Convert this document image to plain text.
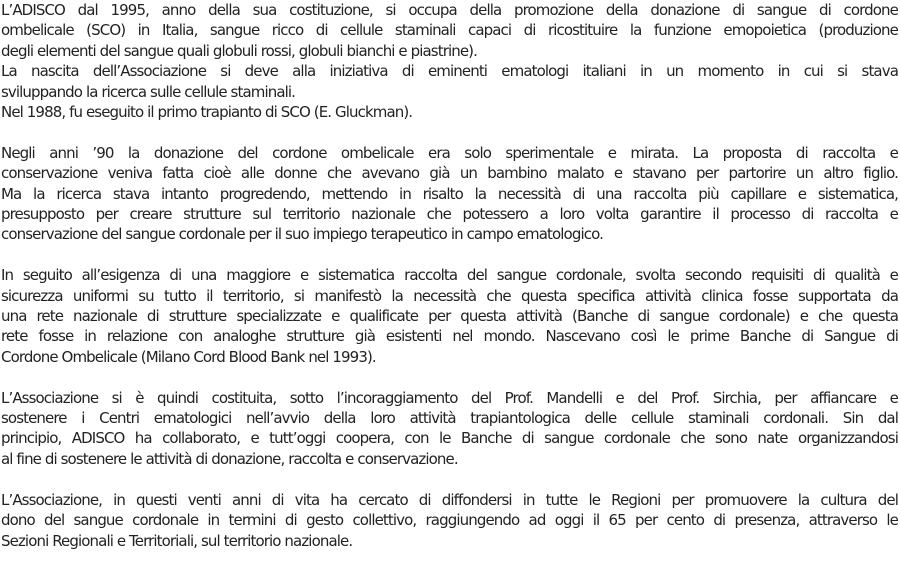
L’ADISCO dal 1995, anno della sua costituzione, si occupa della promozione della donazione di sangue di cordone
ombelicale (SCO) in Italia, sangue ricco di cellule staminali capaci di ricostituire la funzione emopoietica (produzione
degli elementi del sangue quali globuli rossi, globuli bianchi e piastrine).
La nascita dell’Associazione si deve alla iniziativa di eminenti ematologi italiani in un momento in cui si stava
sviluppando la ricerca sulle cellule staminali.
Nel 1988, fu eseguito il primo trapianto di SCO (E. Gluckman).

Negli anni ’90 la donazione del cordone ombelicale era solo sperimentale e mirata. La proposta di raccolta e
conservazione veniva fatta cioè alle donne che avevano già un bambino malato e stavano per partorire un altro figlio.
Ma la ricerca stava intanto progredendo, mettendo in risalto la necessità di una raccolta più capillare e sistematica,
presupposto per creare strutture sul territorio nazionale che potessero a loro volta garantire il processo di raccolta e
conservazione del sangue cordonale per il suo impiego terapeutico in campo ematologico.

In seguito all’esigenza di una maggiore e sistematica raccolta del sangue cordonale, svolta secondo requisiti di qualità e
sicurezza uniformi su tutto il territorio, si manifestò la necessità che questa specifica attività clinica fosse supportata da
una rete nazionale di strutture specializzate e qualificate per questa attività (Banche di sangue cordonale) e che questa
rete fosse in relazione con analoghe strutture già esistenti nel mondo. Nascevano così le prime Banche di Sangue di
Cordone Ombelicale (Milano Cord Blood Bank nel 1993).

L’Associazione si è quindi costituita, sotto l’incoraggiamento del Prof. Mandelli e del Prof. Sirchia, per affiancare e
sostenere i Centri ematologici nell’avvio della loro attività trapiantologica delle cellule staminali cordonali. Sin dal
principio, ADISCO ha collaborato, e tutt’oggi coopera, con le Banche di sangue cordonale che sono nate organizzandosi
al fine di sostenere le attività di donazione, raccolta e conservazione.

L’Associazione, in questi venti anni di vita ha cercato di diffondersi in tutte le Regioni per promuovere la cultura del
dono del sangue cordonale in termini di gesto collettivo, raggiungendo ad oggi il 65 per cento di presenza, attraverso le
Sezioni Regionali e Territoriali, sul territorio nazionale.
